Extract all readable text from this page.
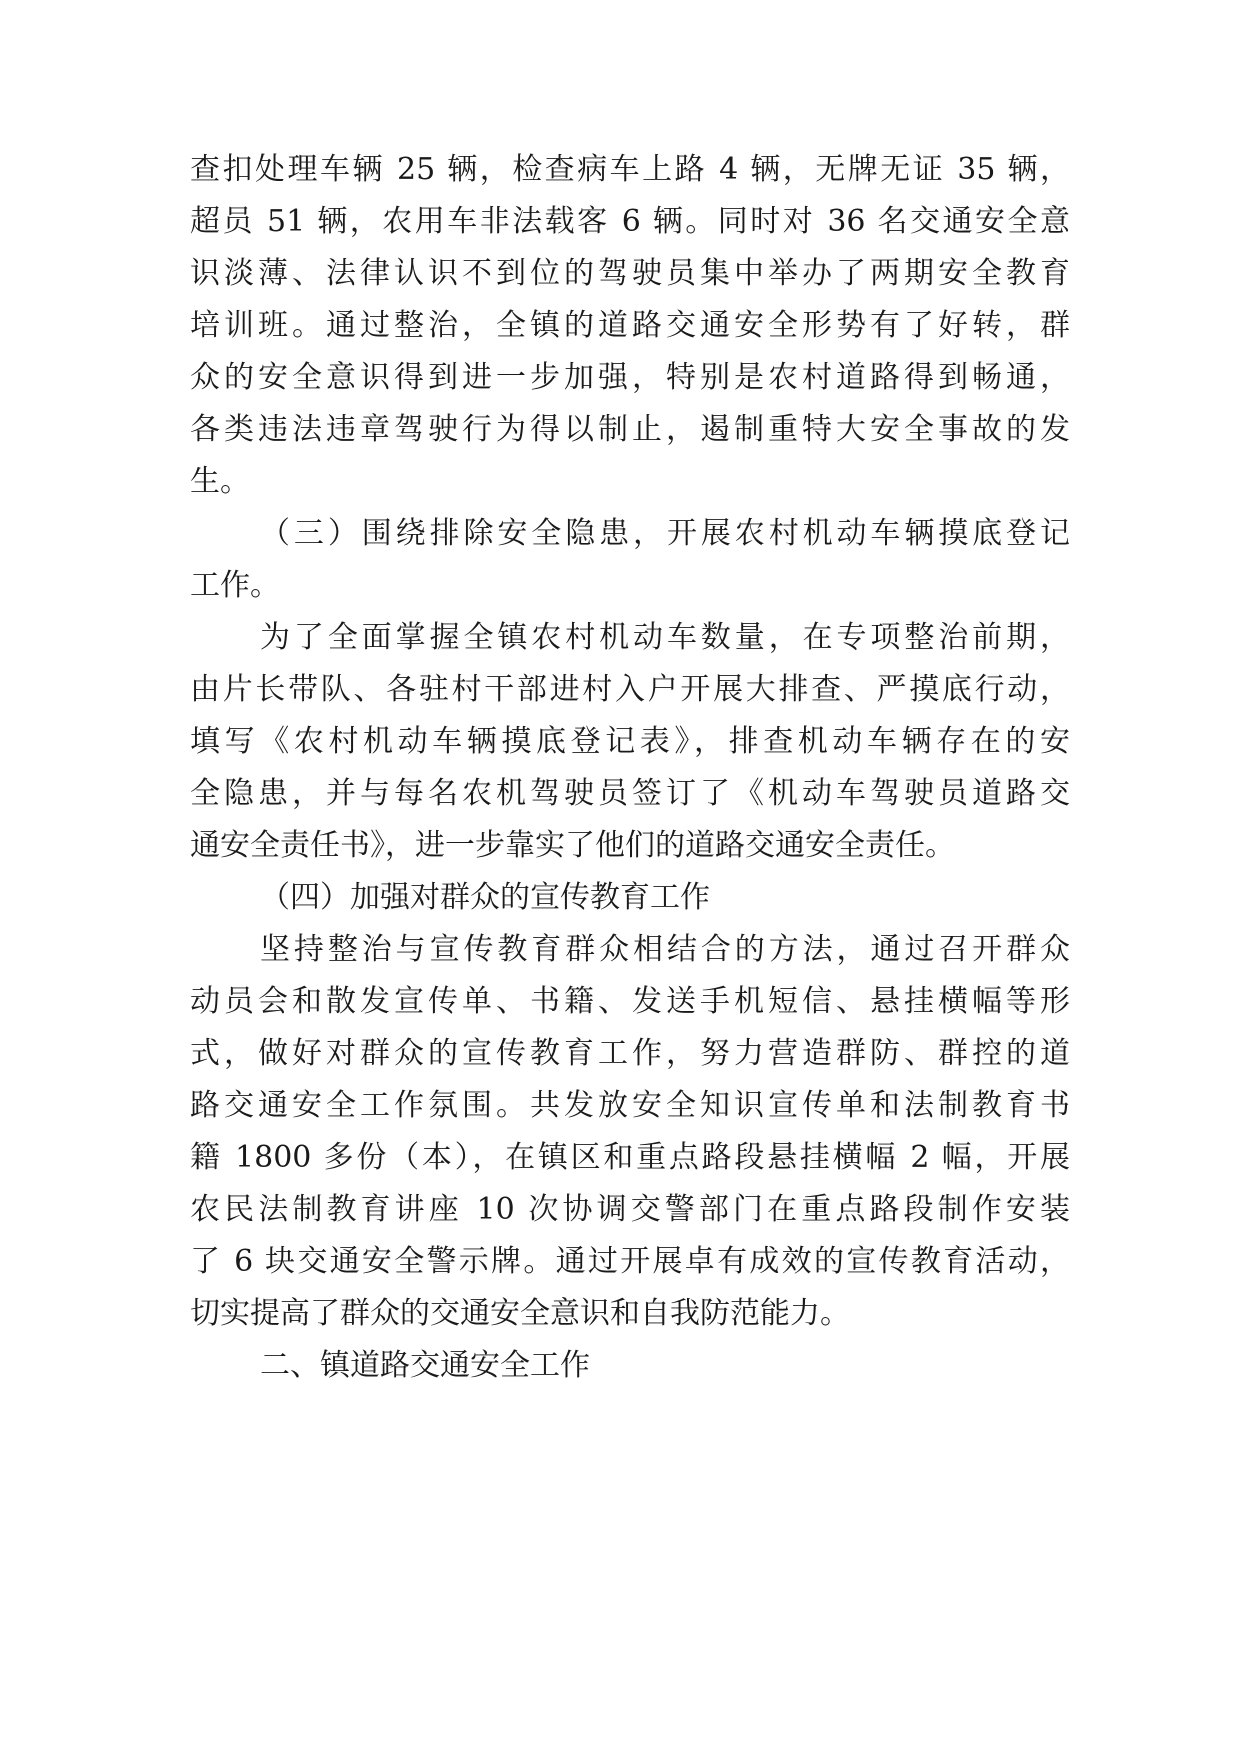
查扣处理车辆 25 辆，检查病车上路 4 辆，无牌无证 35 辆，
超员 51 辆，农用车非法载客 6 辆。同时对 36 名交通安全意
识淡薄、法律认识不到位的驾驶员集中举办了两期安全教育
培训班。通过整治，全镇的道路交通安全形势有了好转，群
众的安全意识得到进一步加强，特别是农村道路得到畅通，
各类违法违章驾驶行为得以制止，遏制重特大安全事故的发
生。
（三）围绕排除安全隐患，开展农村机动车辆摸底登记
工作。
为了全面掌握全镇农村机动车数量，在专项整治前期，
由片长带队、各驻村干部进村入户开展大排查、严摸底行动，
填写《农村机动车辆摸底登记表》，排查机动车辆存在的安
全隐患，并与每名农机驾驶员签订了《机动车驾驶员道路交
通安全责任书》，进一步靠实了他们的道路交通安全责任。
（四）加强对群众的宣传教育工作
坚持整治与宣传教育群众相结合的方法，通过召开群众
动员会和散发宣传单、书籍、发送手机短信、悬挂横幅等形
式，做好对群众的宣传教育工作，努力营造群防、群控的道
路交通安全工作氛围。共发放安全知识宣传单和法制教育书
籍 1800 多份（本），在镇区和重点路段悬挂横幅 2 幅，开展
农民法制教育讲座 10 次协调交警部门在重点路段制作安装
了 6 块交通安全警示牌。通过开展卓有成效的宣传教育活动，
切实提高了群众的交通安全意识和自我防范能力。
二、镇道路交通安全工作
